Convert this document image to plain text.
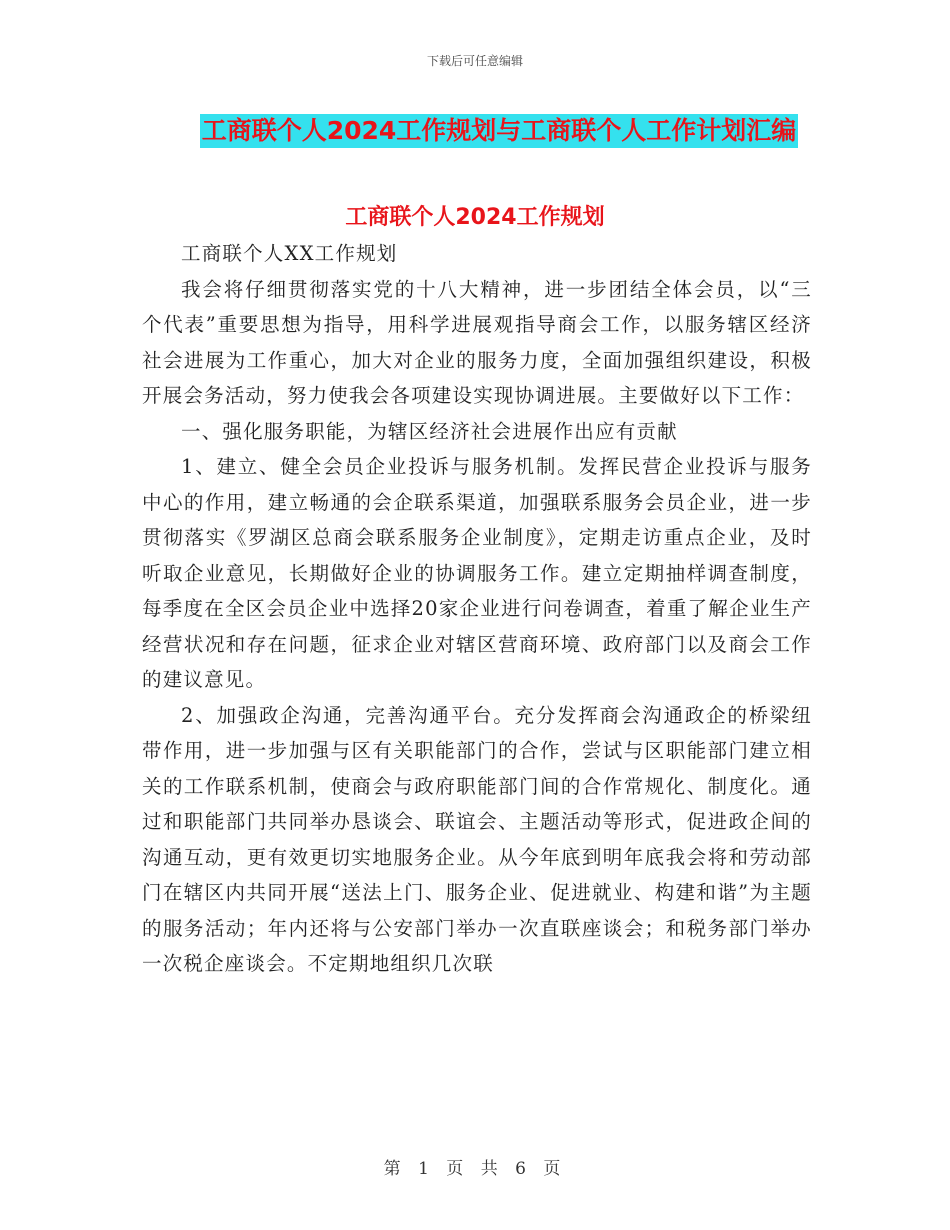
下载后可任意编辑
工商联个人2024工作规划与工商联个人工作计划汇编
工商联个人2024工作规划

工商联个人XX工作规划

我会将仔细贯彻落实党的十八大精神，进一步团结全体会员，以“三个代表”重要思想为指导，用科学进展观指导商会工作，以服务辖区经济社会进展为工作重心，加大对企业的服务力度，全面加强组织建设，积极开展会务活动，努力使我会各项建设实现协调进展。主要做好以下工作：

一、强化服务职能，为辖区经济社会进展作出应有贡献

1、建立、健全会员企业投诉与服务机制。发挥民营企业投诉与服务中心的作用，建立畅通的会企联系渠道，加强联系服务会员企业，进一步贯彻落实《罗湖区总商会联系服务企业制度》，定期走访重点企业，及时听取企业意见，长期做好企业的协调服务工作。建立定期抽样调查制度，每季度在全区会员企业中选择20家企业进行问卷调查，着重了解企业生产经营状况和存在问题，征求企业对辖区营商环境、政府部门以及商会工作的建议意见。

2、加强政企沟通，完善沟通平台。充分发挥商会沟通政企的桥梁纽带作用，进一步加强与区有关职能部门的合作，尝试与区职能部门建立相关的工作联系机制，使商会与政府职能部门间的合作常规化、制度化。通过和职能部门共同举办恳谈会、联谊会、主题活动等形式，促进政企间的沟通互动，更有效更切实地服务企业。从今年底到明年底我会将和劳动部门在辖区内共同开展“送法上门、服务企业、促进就业、构建和谐”为主题的服务活动；年内还将与公安部门举办一次直联座谈会；和税务部门举办一次税企座谈会。不定期地组织几次联

第 1 页 共 6 页
